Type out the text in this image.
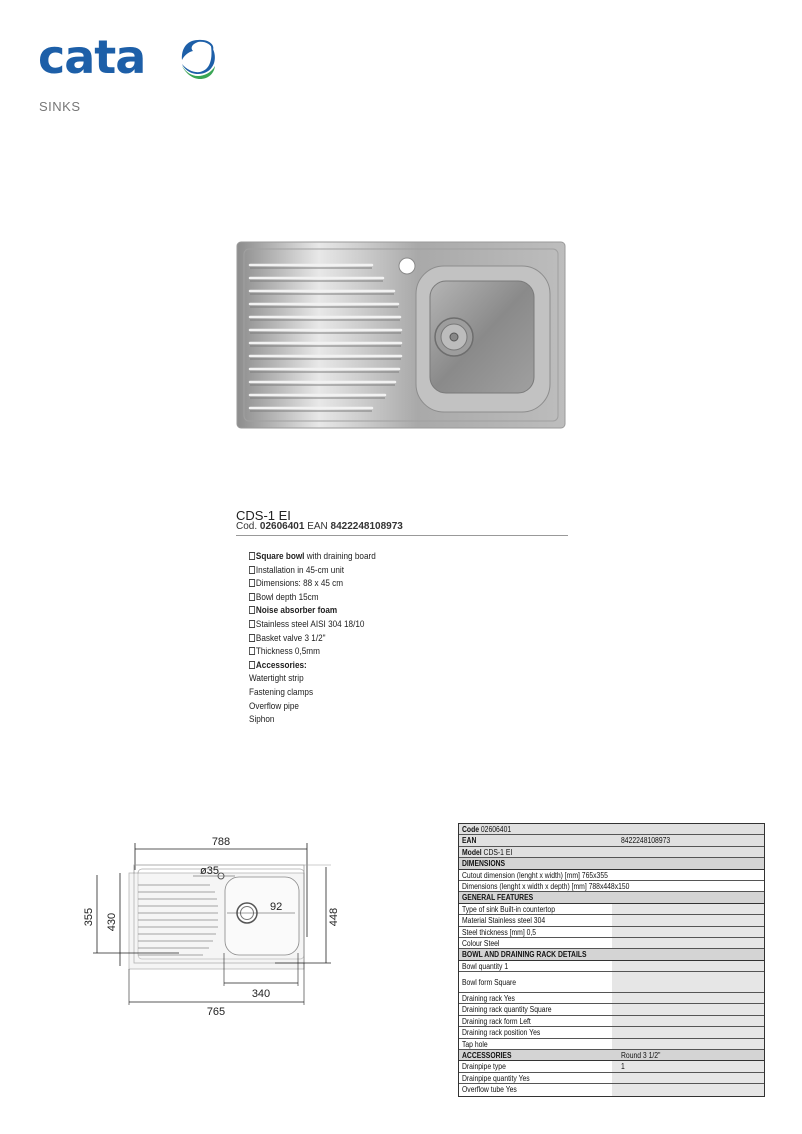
cata
SINKS
CDS-1 EI
Cod. 02606401 EAN 8422248108973
Square bowl with draining board
Installation in 45-cm unit
Dimensions: 88 x 45 cm
Bowl depth 15cm
Noise absorber foam
Stainless steel AISI 304 18/10
Basket valve 3 1/2"
Thickness 0,5mm
Accessories:
Watertight strip
Fastening clamps
Overflow pipe
Siphon
788
92
ø35
448
355 430
340
765
Code 02606401
EAN	8422248108973
Model CDS-1 EI
DIMENSIONS
Cutout dimension (lenght x width) [mm] 765x355
Dimensions (lenght x width x depth) [mm] 788x448x150
GENERAL FEATURES
Type of sink Built-in countertop
Material Stainless steel 304
Steel thickness [mm] 0,5
Colour Steel
BOWL AND DRAINING RACK DETAILS
Bowl quantity 1
Bowl form Square
Draining rack Yes
Draining rack quantity Square
Draining rack form Left
Draining rack position Yes
Tap hole
ACCESSORIES	Round 3 1/2"
Drainpipe type	1
Drainpipe quantity Yes
Overflow tube Yes
